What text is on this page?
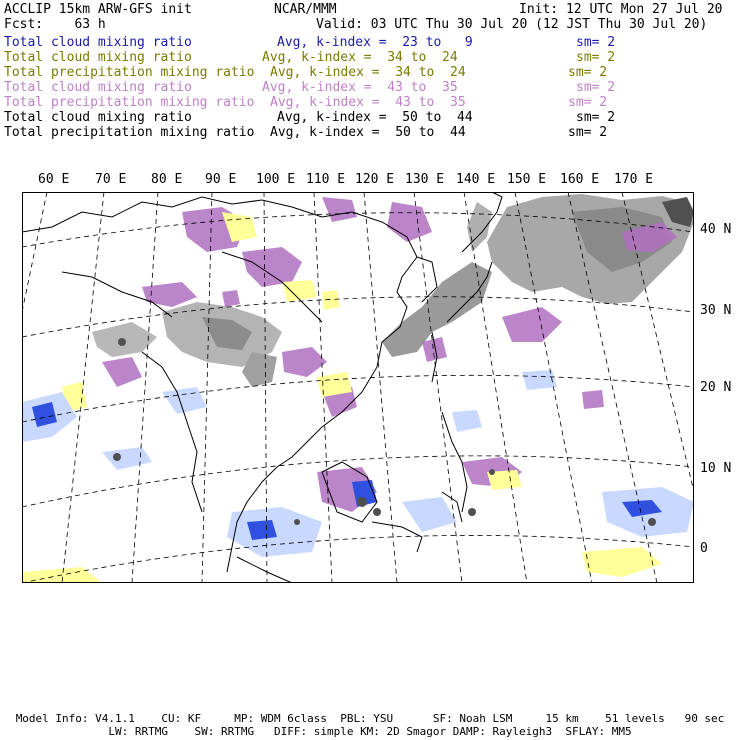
ACCLIP 15km ARW-GFS init	NCAR/MMM	Init: 12 UTC Mon 27 Jul 20
Fcst:    63 h	Valid: 03 UTC Thu 30 Jul 20 (12 JST Thu 30 Jul 20)
Total cloud mixing ratio	Avg, k-index =  23 to   9	sm= 2
Total cloud mixing ratio	Avg, k-index =  34 to  24	sm= 2
Total precipitation mixing ratio Avg, k-index =  34 to  24	sm= 2
Total cloud mixing ratio	Avg, k-index =  43 to  35	sm= 2
Total precipitation mixing ratio Avg, k-index =  43 to  35	sm= 2
Total cloud mixing ratio	Avg, k-index =  50 to  44	sm= 2
Total precipitation mixing ratio Avg, k-index =  50 to  44	sm= 2
60 E 70 E 80 E 90 E 100 E 110 E 120 E 130 E 140 E 150 E 160 E 170 E
40 N
30 N
20 N
10 N
0
Model Info: V4.1.1    CU: KF     MP: WDM 6class  PBL: YSU      SF: Noah LSM     15 km    51 levels   90 sec
LW: RRTMG    SW: RRTMG   DIFF: simple KM: 2D Smagor DAMP: Rayleigh3  SFLAY: MM5
